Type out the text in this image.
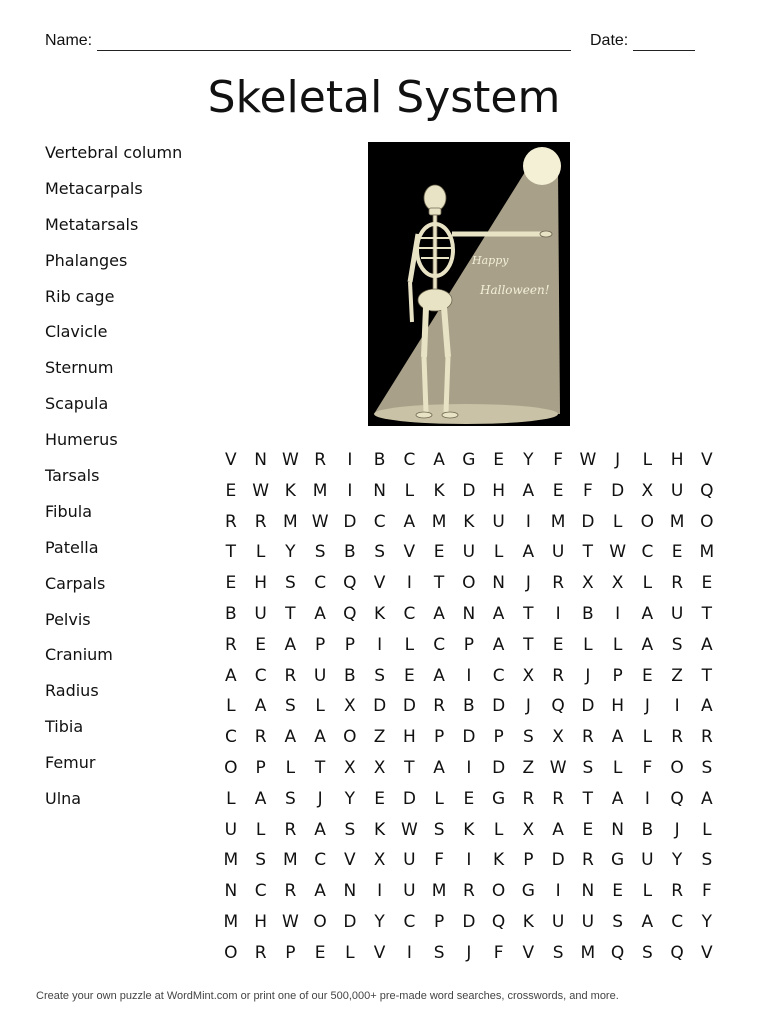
Name:	Date:
Skeletal System
Vertebral column
Metacarpals
Metatarsals
Phalanges
Rib cage
Clavicle
Sternum
Scapula
Humerus
Tarsals
Fibula
Patella
Carpals
Pelvis
Cranium
Radius
Tibia
Femur
Ulna
Happy
Halloween!
V	N W R	I	B	C	A	G	E	Y	F W	J	L	H	V
E W K M	I	N	L	K	D H	A	E	F	D	X	U Q
R	R M W D	C	A M K	U	I	M D	L	O M O
T	L	Y	S	B	S	V	E	U	L	A	U	T W C	E	M
E	H	S	C	Q	V	I	T	O N	J	R	X	X	L	R	E
B	U	T	A	Q	K	C	A	N	A	T	I	B	I	A	U	T
R	E	A	P	P	I	L	C	P	A	T	E	L	L	A	S	A
A	C	R	U	B	S	E	A	I	C	X	R	J	P	E	Z	T
L	A	S	L	X	D D	R	B	D	J	Q D H	J	I	A
C	R	A	A	O	Z	H	P	D	P	S	X	R	A	L	R	R
O	P	L	T	X	X	T	A	I	D	Z W S	L	F	O	S
L	A	S	J	Y	E	D	L	E	G	R	R	T	A	I	Q	A
U	L	R	A	S	K W S	K	L	X	A	E	N	B	J	L
M	S	M C	V	X	U	F	I	K	P	D	R	G U	Y	S
N	C	R	A	N	I	U M R	O G	I	N	E	L	R	F
M H W O D	Y	C	P	D Q	K	U	U	S	A	C	Y
O	R	P	E	L	V	I	S	J	F	V	S	M Q	S	Q	V
Create your own puzzle at WordMint.com or print one of our 500,000+ pre-made word searches, crosswords, and more.
